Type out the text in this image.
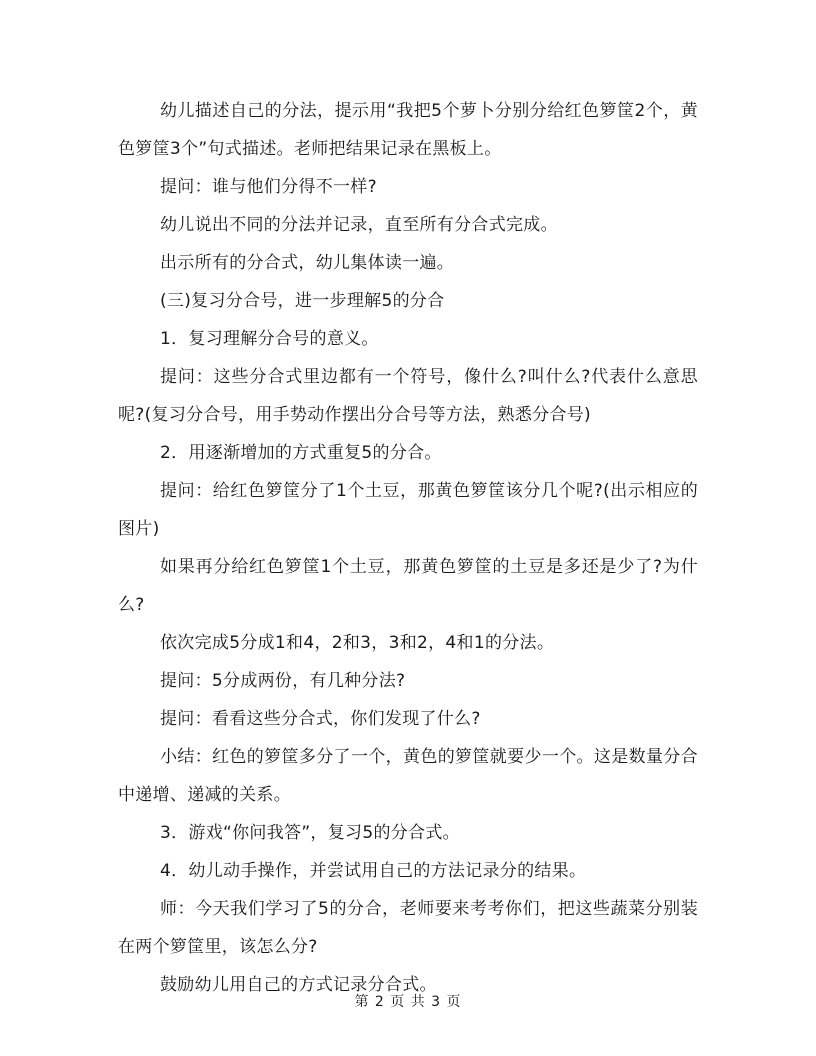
幼儿描述自己的分法，提示用“我把5个萝卜分别分给红色箩筐2个，黄色箩筐3个”句式描述。老师把结果记录在黑板上。

提问：谁与他们分得不一样?

幼儿说出不同的分法并记录，直至所有分合式完成。

出示所有的分合式，幼儿集体读一遍。

(三)复习分合号，进一步理解5的分合

1．复习理解分合号的意义。

提问：这些分合式里边都有一个符号，像什么?叫什么?代表什么意思呢?(复习分合号，用手势动作摆出分合号等方法，熟悉分合号)

2．用逐渐增加的方式重复5的分合。

提问：给红色箩筐分了1个土豆，那黄色箩筐该分几个呢?(出示相应的图片)

如果再分给红色箩筐1个土豆，那黄色箩筐的土豆是多还是少了?为什么?

依次完成5分成1和4，2和3，3和2，4和1的分法。

提问：5分成两份，有几种分法?

提问：看看这些分合式，你们发现了什么?

小结：红色的箩筐多分了一个，黄色的箩筐就要少一个。这是数量分合中递增、递减的关系。

3．游戏“你问我答”，复习5的分合式。

4．幼儿动手操作，并尝试用自己的方法记录分的结果。

师：今天我们学习了5的分合，老师要来考考你们，把这些蔬菜分别装在两个箩筐里，该怎么分?

鼓励幼儿用自己的方式记录分合式。

第 2 页 共 3 页
